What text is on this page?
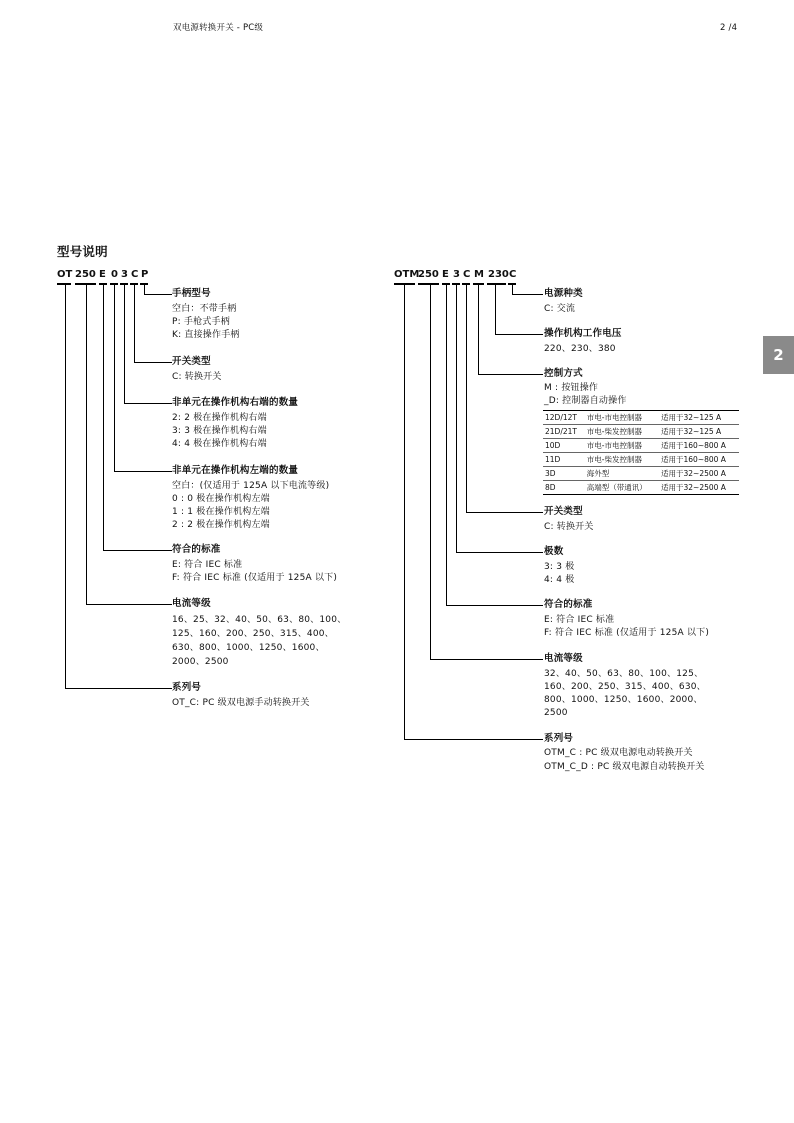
双电源转换开关 - PC级	2 /4
2
型号说明
OT 250 E 0 3 C P
手柄型号
空白：不带手柄
P: 手枪式手柄
K: 直接操作手柄
开关类型
C: 转换开关
非单元在操作机构右端的数量
2: 2 极在操作机构右端
3: 3 极在操作机构右端
4: 4 极在操作机构右端
非单元在操作机构左端的数量
空白：(仅适用于 125A 以下电流等级)
0 : 0 极在操作机构左端
1 : 1 极在操作机构左端
2 : 2 极在操作机构左端
符合的标准
E: 符合 IEC 标准
F: 符合 IEC 标准 (仅适用于 125A 以下)
电流等级
16、25、32、40、50、63、80、100、
125、160、200、250、315、400、
630、800、1000、1250、1600、
2000、2500
系列号
OT_C: PC 级双电源手动转换开关
OTM
250 E 3 C M 230 C
电源种类
C: 交流
操作机构工作电压
220、230、380
控制方式
M : 按钮操作
_D: 控制器自动操作
12D/12T	市电-市电控制器	适用于32~125 A
21D/21T	市电-柴发控制器	适用于32~125 A
10D	市电-市电控制器	适用于160~800 A
11D	市电-柴发控制器	适用于160~800 A
3D	海外型	适用于32~2500 A
8D	高端型（带通讯）	适用于32~2500 A
开关类型
C: 转换开关
极数
3: 3 极
4: 4 极
符合的标准
E: 符合 IEC 标准
F: 符合 IEC 标准 (仅适用于 125A 以下)
电流等级
32、40、50、63、80、100、125、
160、200、250、315、400、630、
800、1000、1250、1600、2000、
2500
系列号
OTM_C : PC 级双电源电动转换开关
OTM_C_D : PC 级双电源自动转换开关
